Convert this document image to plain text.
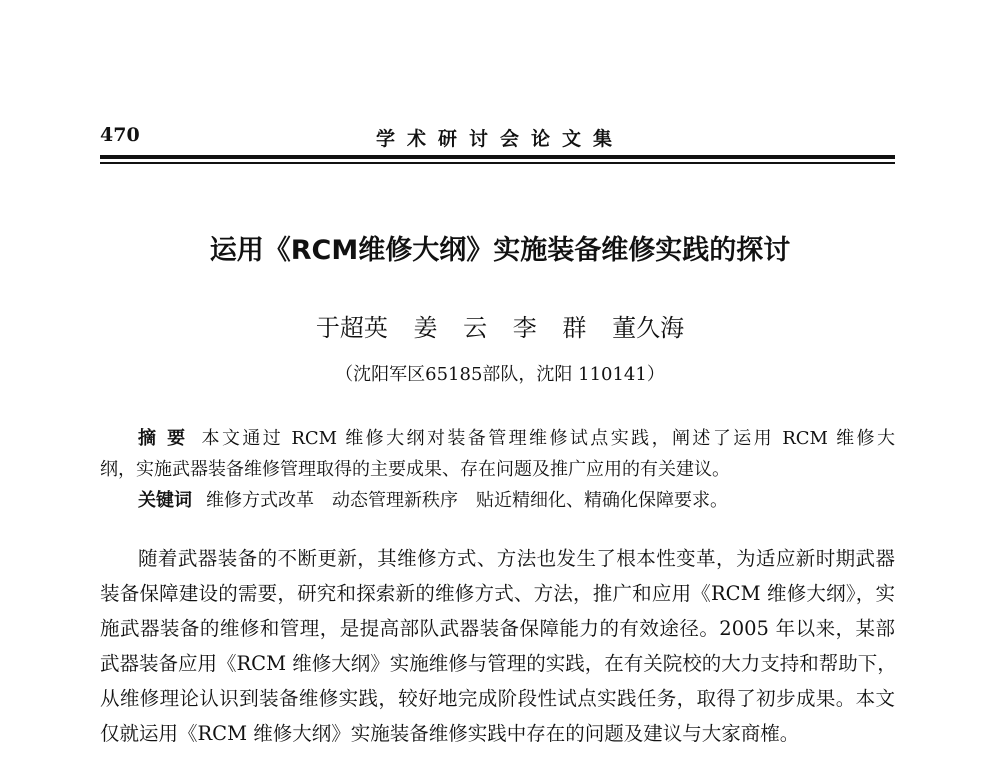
470	学术研讨会论文集
运用《RCM维修大纲》实施装备维修实践的探讨
于超英 姜 云 李 群 董久海
（沈阳军区65185部队，沈阳 110141）
摘 要 本文通过 RCM 维修大纲对装备管理维修试点实践，阐述了运用 RCM 维修大
纲，实施武器装备维修管理取得的主要成果、存在问题及推广应用的有关建议。
关键词 维修方式改革　动态管理新秩序　贴近精细化、精确化保障要求。
随着武器装备的不断更新，其维修方式、方法也发生了根本性变革，为适应新时期武器
装备保障建设的需要，研究和探索新的维修方式、方法，推广和应用《RCM 维修大纲》，实
施武器装备的维修和管理，是提高部队武器装备保障能力的有效途径。2005 年以来，某部
武器装备应用《RCM 维修大纲》实施维修与管理的实践，在有关院校的大力支持和帮助下，
从维修理论认识到装备维修实践，较好地完成阶段性试点实践任务，取得了初步成果。本文
仅就运用《RCM 维修大纲》实施装备维修实践中存在的问题及建议与大家商榷。
